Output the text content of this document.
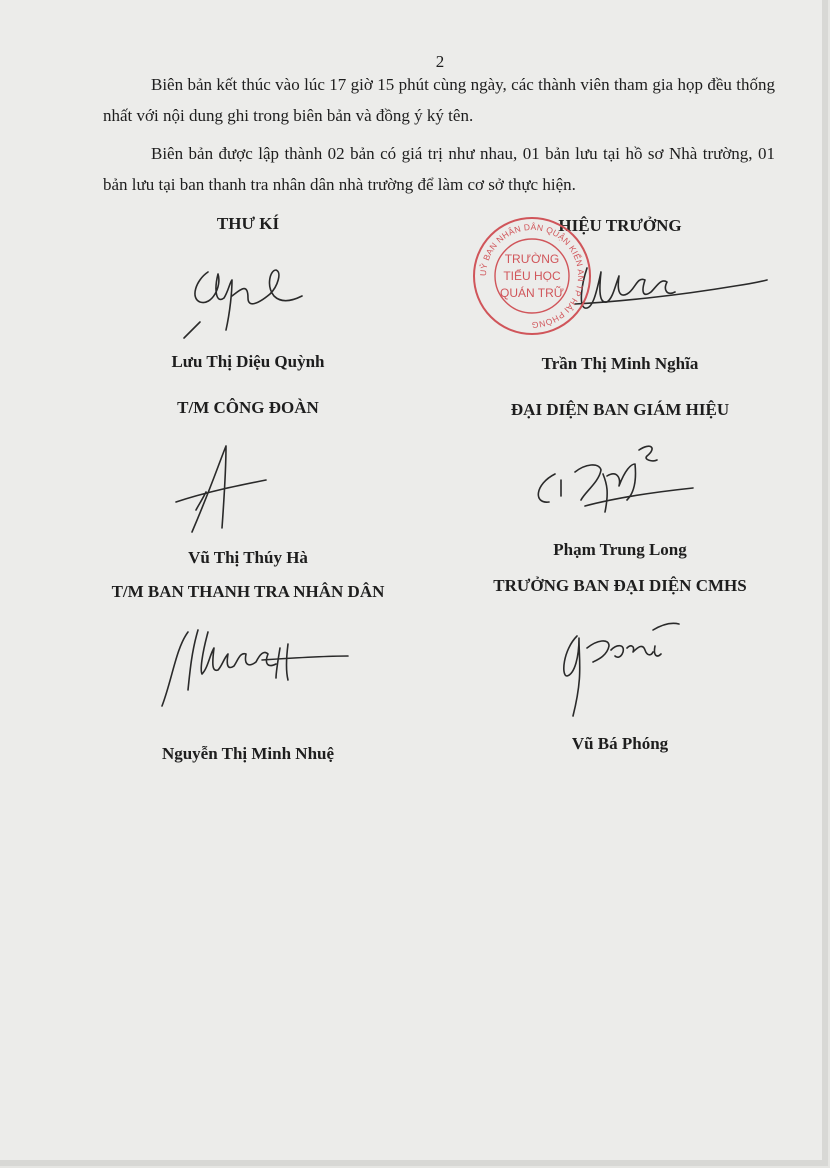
2

Biên bản kết thúc vào lúc 17 giờ 15 phút cùng ngày, các thành viên tham gia họp đều thống nhất với nội dung ghi trong biên bản và đồng ý ký tên.

Biên bản được lập thành 02 bản có giá trị như nhau, 01 bản lưu tại hồ sơ Nhà trường, 01 bản lưu tại ban thanh tra nhân dân nhà trường để làm cơ sở thực hiện.

THƯ KÍ
Lưu Thị Diệu Quỳnh
HIỆU TRƯỞNG
Trần Thị Minh Nghĩa
UỶ BAN NHÂN DÂN QUẬN KIẾN AN TP HẢI PHÒNG
TRƯỜNG
TIỂU HỌC
QUÁN TRỮ
T/M CÔNG ĐOÀN
Vũ Thị Thúy Hà
ĐẠI DIỆN BAN GIÁM HIỆU
Phạm Trung Long
T/M BAN THANH TRA NHÂN DÂN
Nguyễn Thị Minh Nhuệ
TRƯỞNG BAN ĐẠI DIỆN CMHS
Vũ Bá Phóng
